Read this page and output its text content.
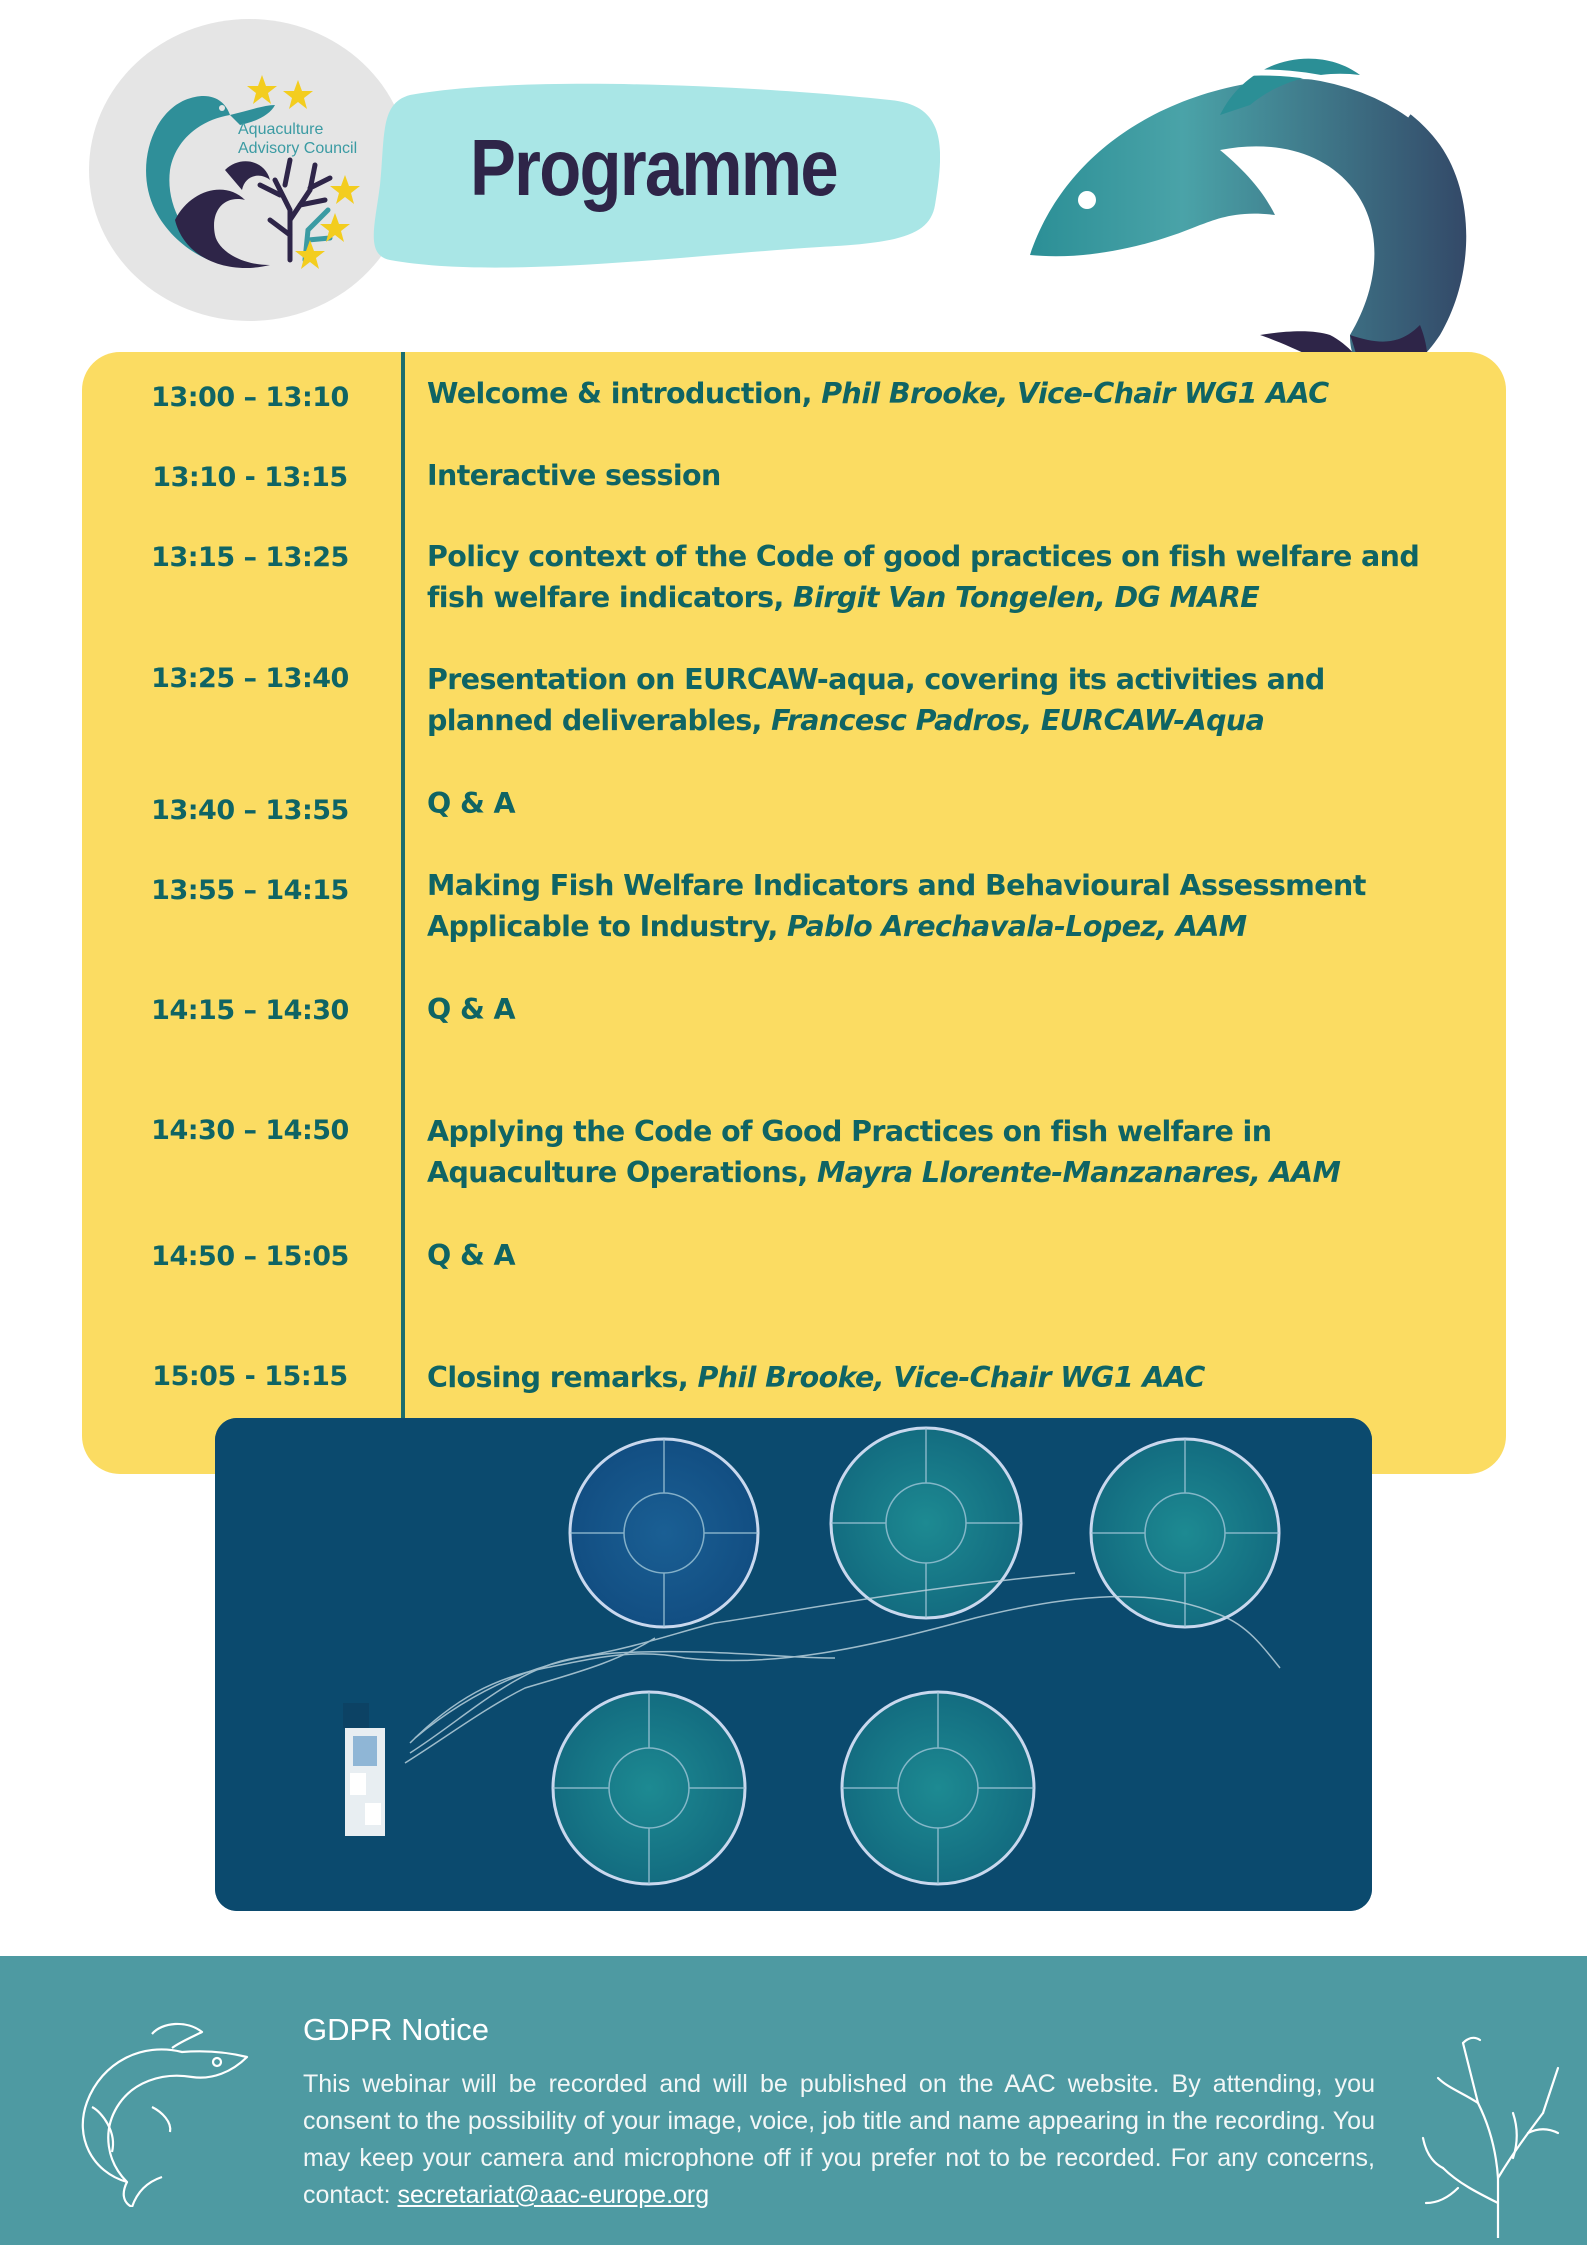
Aquaculture
Advisory Council Programme
13:00 – 13:10	Welcome & introduction, Phil Brooke, Vice-Chair WG1 AAC
13:10 - 13:15	Interactive session
13:15 – 13:25	Policy context of the Code of good practices on fish welfare and fish welfare indicators, Birgit Van Tongelen, DG MARE
13:25 – 13:40	Presentation on EURCAW-aqua, covering its activities and planned deliverables, Francesc Padros, EURCAW-Aqua
13:40 – 13:55	Q & A
13:55 – 14:15	Making Fish Welfare Indicators and Behavioural Assessment Applicable to Industry, Pablo Arechavala-Lopez, AAM
14:15 – 14:30	Q & A
14:30 – 14:50	Applying the Code of Good Practices on fish welfare in Aquaculture Operations, Mayra Llorente-Manzanares, AAM
14:50 – 15:05	Q & A
15:05 - 15:15	Closing remarks, Phil Brooke, Vice-Chair WG1 AAC
GDPR Notice
This webinar will be recorded and will be published on the AAC website. By attending, you consent to the possibility of your image, voice, job title and name appearing in the recording. You may keep your camera and microphone off if you prefer not to be recorded. For any concerns, contact: secretariat@aac-europe.org
